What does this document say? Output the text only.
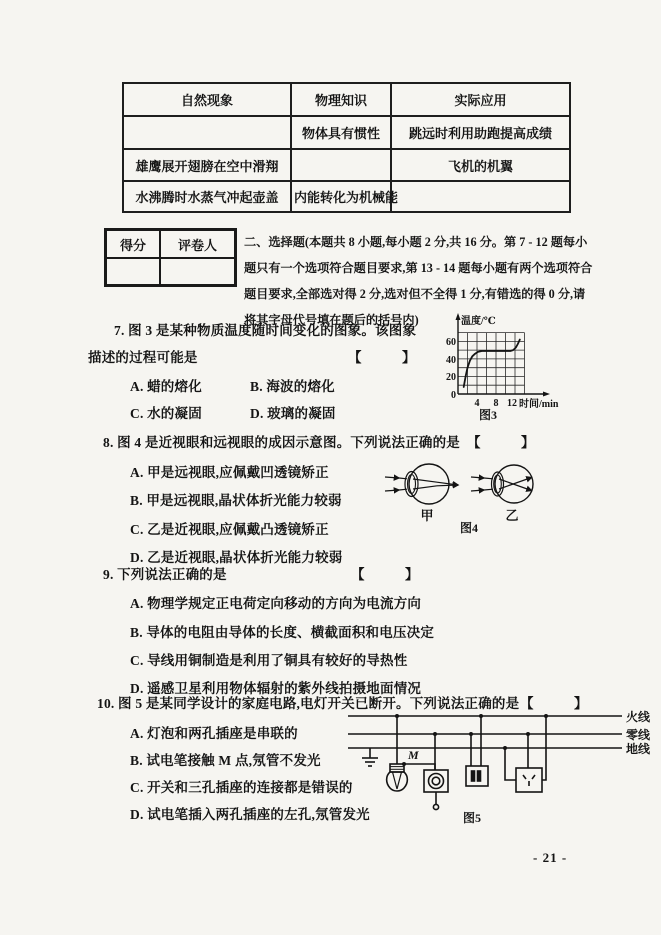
自然现象	物理知识	实际应用
	物体具有惯性	跳远时利用助跑提高成绩
雄鹰展开翅膀在空中滑翔		飞机的机翼
水沸腾时水蒸气冲起壶盖	内能转化为机械能	
得分	评卷人	二、选择题(本题共 8 小题,每小题 2 分,共 16 分。第 7 - 12 题每小
题只有一个选项符合题目要求,第 13 - 14 题每小题有两个选项符合
题目要求,全部选对得 2 分,选对但不全得 1 分,有错选的得 0 分,请
将其字母代号填在题后的括号内)
7. 图 3 是某种物质温度随时间变化的图象。该图象
描述的过程可能是	【　　　】
A. 蜡的熔化	B. 海波的熔化
C. 水的凝固	D. 玻璃的凝固
温度/℃
60
40
20
0
4 8 12 时间/min
图3
8. 图 4 是近视眼和远视眼的成因示意图。下列说法正确的是 【　　　】
A. 甲是远视眼,应佩戴凹透镜矫正
B. 甲是远视眼,晶状体折光能力较弱
C. 乙是近视眼,应佩戴凸透镜矫正
D. 乙是近视眼,晶状体折光能力较弱
甲	乙
图4
9. 下列说法正确的是	【　　　】
A. 物理学规定正电荷定向移动的方向为电流方向
B. 导体的电阻由导体的长度、横截面积和电压决定
C. 导线用铜制造是利用了铜具有较好的导热性
D. 遥感卫星利用物体辐射的紫外线拍摄地面情况
10. 图 5 是某同学设计的家庭电路,电灯开关已断开。下列说法正确的是 【　　　】
A. 灯泡和两孔插座是串联的
B. 试电笔接触 M 点,氖管不发光
C. 开关和三孔插座的连接都是错误的
D. 试电笔插入两孔插座的左孔,氖管发光
火线
零线
地线
M
图5
- 21 -
